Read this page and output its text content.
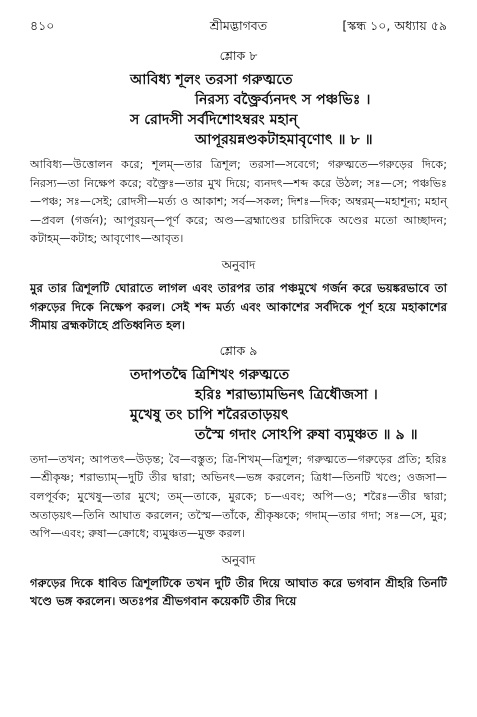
৪১০	শ্রীমদ্ভাগবত	[স্কন্ধ ১০, অধ্যায় ৫৯
শ্লোক ৮
আবিধ্য শূলং তরসা গরুত্মতে
নিরস্য বক্ত্রৈর্ব্যনদৎ স পঞ্চভিঃ ।
স রোদসী সর্বদিশোঽম্বরং মহান্
আপূরয়ন্নণ্ডকটাহমাবৃণোৎ ॥ ৮ ॥
আবিধ্য—উত্তোলন করে; শূলম্—তার ত্রিশূল; তরসা—সবেগে; গরুত্মতে—গরুড়ের দিকে; নিরস্য—তা নিক্ষেপ করে; বক্ত্রৈঃ—তার মুখ দিয়ে; ব্যনদৎ—শব্দ করে উঠল; সঃ—সে; পঞ্চভিঃ—পঞ্চ; সঃ—সেই; রোদসী—মর্ত্য ও আকাশ; সর্ব—সকল; দিশঃ—দিক; অম্বরম্—মহাশূন্য; মহান্—প্রবল (গর্জন); আপূরয়ন্—পূর্ণ করে; অণ্ড—ব্রহ্মাণ্ডের চারিদিকে অণ্ডের মতো আচ্ছাদন; কটাহম্—কটাহ; আবৃণোৎ—আবৃত।
অনুবাদ
মুর তার ত্রিশূলটি ঘোরাতে লাগল এবং তারপর তার পঞ্চমুখে গর্জন করে ভয়ঙ্করভাবে তা গরুড়ের দিকে নিক্ষেপ করল। সেই শব্দ মর্ত্য এবং আকাশের সর্বদিকে পূর্ণ হয়ে মহাকাশের সীমায় ব্রহ্মকটাহে প্রতিধ্বনিত হল।
শ্লোক ৯
তদাপতদ্বৈ ত্রিশিখং গরুত্মতে
হরিঃ শরাভ্যামভিনৎ ত্রিধৌজসা ।
মুখেষু তং চাপি শরৈরতাড়য়ৎ
তস্মৈ গদাং সোঽপি রুষা ব্যমুঞ্চত ॥ ৯ ॥
তদা—তখন; আপতৎ—উড়ন্ত; বৈ—বস্তুত; ত্রি-শিখম্—ত্রিশূল; গরুত্মতে—গরুড়ের প্রতি; হরিঃ—শ্রীকৃষ্ণ; শরাভ্যাম্—দুটি তীর দ্বারা; অভিনৎ—ভঙ্গ করলেন; ত্রিধা—তিনটি খণ্ডে; ওজসা—বলপূর্বক; মুখেষু—তার মুখে; তম্—তাকে, মুরকে; চ—এবং; অপি—ও; শরৈঃ—তীর দ্বারা; অতাড়য়ৎ—তিনি আঘাত করলেন; তস্মৈ—তাঁকে, শ্রীকৃষ্ণকে; গদাম্—তার গদা; সঃ—সে, মুর; অপি—এবং; রুষা—ক্রোধে; ব্যমুঞ্চত—মুক্ত করল।
অনুবাদ
গরুড়ের দিকে ধাবিত ত্রিশূলটিকে তখন দুটি তীর দিয়ে আঘাত করে ভগবান শ্রীহরি তিনটি খণ্ডে ভঙ্গ করলেন। অতঃপর শ্রীভগবান কয়েকটি তীর দিয়ে
